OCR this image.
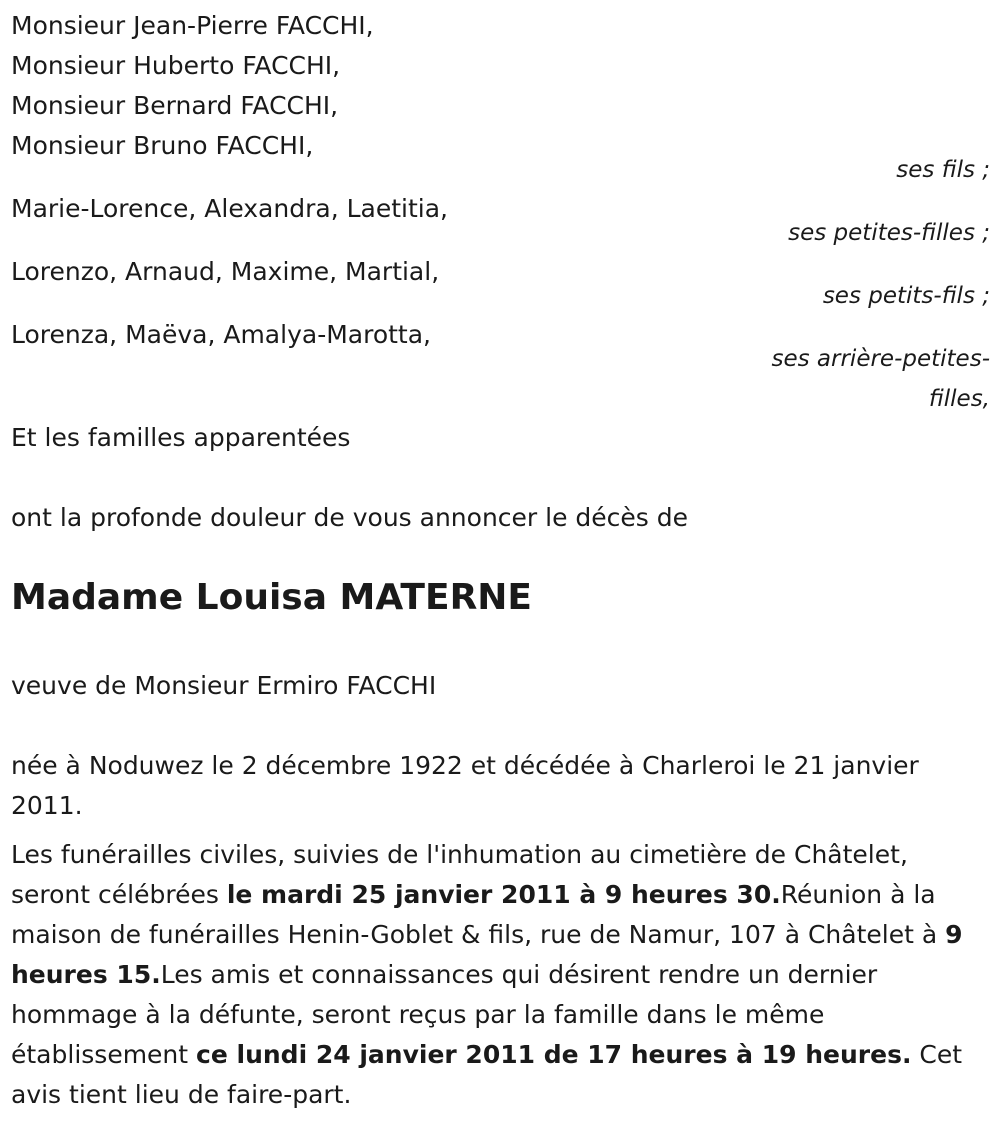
Monsieur Jean-Pierre FACCHI,
Monsieur Huberto FACCHI,
Monsieur Bernard FACCHI,
Monsieur Bruno FACCHI,
ses fils ;
Marie-Lorence, Alexandra, Laetitia,
ses petites-filles ;
Lorenzo, Arnaud, Maxime, Martial,
ses petits-fils ;
Lorenza, Maëva, Amalya-Marotta,
ses arrière-petites-
filles,
Et les familles apparentées
ont la profonde douleur de vous annoncer le décès de
Madame Louisa MATERNE
veuve de Monsieur Ermiro FACCHI
née à Noduwez le 2 décembre 1922 et décédée à Charleroi le 21 janvier 2011.
Les funérailles civiles, suivies de l'inhumation au cimetière de Châtelet, seront célébrées le mardi 25 janvier 2011 à 9 heures 30.Réunion à la maison de funérailles Henin-Goblet & fils, rue de Namur, 107 à Châtelet à 9 heures 15.Les amis et connaissances qui désirent rendre un dernier hommage à la défunte, seront reçus par la famille dans le même établissement ce lundi 24 janvier 2011 de 17 heures à 19 heures. Cet avis tient lieu de faire-part.
